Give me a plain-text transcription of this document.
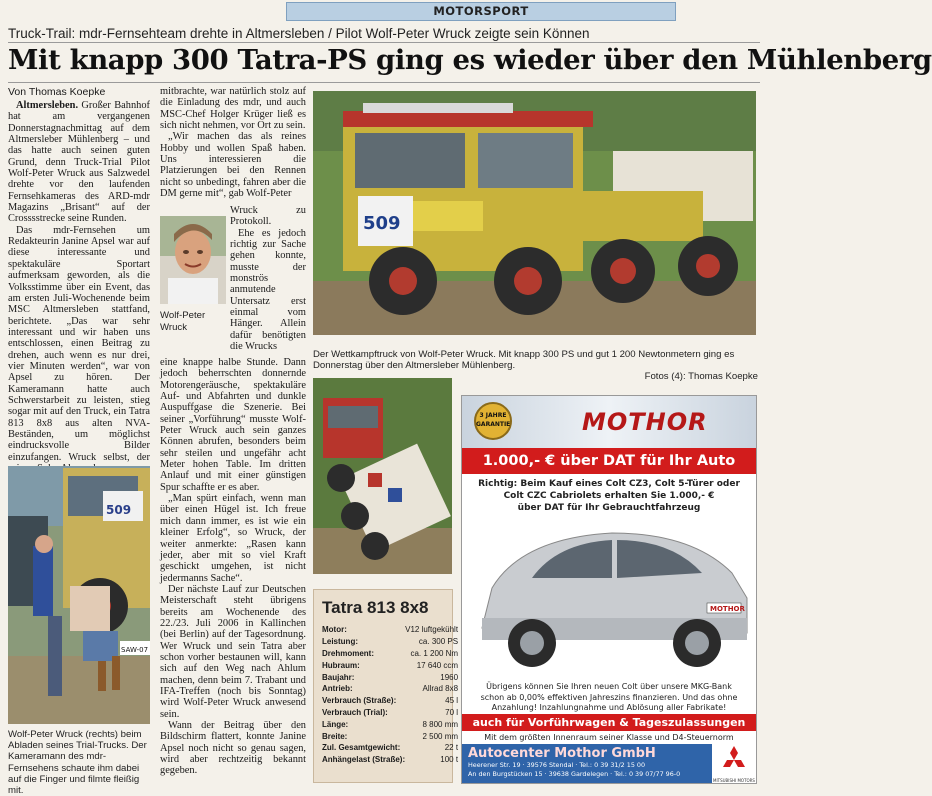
MOTORSPORT
Truck-Trail: mdr-Fernsehteam drehte in Altmersleben / Pilot Wolf-Peter Wruck zeigte sein Können
Mit knapp 300 Tatra-PS ging es wieder über den Mühlenberg
Von Thomas Koepke

Altmersleben. Großer Bahnhof hat am vergangenen Donnerstagnachmittag auf dem Altmersleber Mühlenberg – und das hatte auch seinen guten Grund, denn Truck-Trial Pilot Wolf-Peter Wruck aus Salzwedel drehte vor den laufenden Fernsehkameras des ARD-mdr Magazins „Brisant“ auf der Crosssstrecke seine Runden.

Das mdr-Fernsehen um Redakteurin Janine Apsel war auf diese interessante und spektakuläre Sportart aufmerksam geworden, als die Volksstimme über ein Event, das am ersten Juli-Wochenende beim MSC Altmersleben stattfand, berichtete. „Das war sehr interessant und wir haben uns entschlossen, einen Beitrag zu drehen, auch wenn es nur drei, vier Minuten werden“, war von Apsel zu hören. Der Kameramann hatte auch Schwerstarbeit zu leisten, stieg sogar mit auf den Truck, ein Tatra 813 8x8 aus alten NVA-Beständen, um möglichst eindrucksvolle Bilder einzufangen. Wruck selbst, der

509
SAW-07
Wolf-Peter Wruck (rechts) beim Abladen seines Trial-Trucks. Der Kameramann des mdr-Fernsehens schaute ihm dabei auf die Finger und filmte fleißig mit.

mitbrachte, war natürlich stolz auf die Einladung des mdr, und auch MSC-Chef Holger Krüger ließ es sich nicht nehmen, vor Ort zu sein.

„Wir machen das als reines Hobby und wollen Spaß haben. Uns interessieren die Platzierungen bei den Rennen nicht so unbedingt, fahren aber die DM gerne mit“, gab Wolf-Peter

Wolf-Peter
Wruck

Wruck zu Protokoll.

Ehe es jedoch richtig zur Sache gehen konnte, musste der monströs anmutende Untersatz erst einmal vom Hänger. Allein dafür benötigten die Wrucks

eine knappe halbe Stunde. Dann jedoch beherrschten donnernde Motorengeräusche, spektakuläre Auf- und Abfahrten und dunkle Auspuffgase die Szenerie. Bei seiner „Vorführung“ musste Wolf-Peter Wruck auch sein ganzes Können abrufen, besonders beim sehr steilen und ungefähr acht Meter hohen Table. Im dritten Anlauf und mit einer günstigen Spur schaffte er es aber.

„Man spürt einfach, wenn man über einen Hügel ist. Ich freue mich dann immer, es ist wie ein kleiner Erfolg“, so Wruck, der weiter anmerkte: „Rasen kann jeder, aber mit so viel Kraft geschickt umgehen, ist nicht jedermanns Sache“.

Der nächste Lauf zur Deutschen Meisterschaft steht übrigens bereits am Wochenende des 22./23. Juli 2006 in Kallinchen (bei Berlin) auf der Tagesordnung. Wer Wruck und sein Tatra aber schon vorher bestaunen will, kann sich auf den Weg nach Ahlum machen, denn beim 7. Trabant und IFA-Treffen (noch bis Sonntag) wird Wolf-Peter Wruck anwesend sein.

Wann der Beitrag über den Bildschirm flattert, konnte Janine Apsel noch nicht so genau sagen, wird aber rechtzeitig bekannt gegeben.

509
Der Wettkampftruck von Wolf-Peter Wruck. Mit knapp 300 PS und gut 1 200 Newtonmetern ging es Donnerstag über den Altmersleber Mühlenberg.
Fotos (4): Thomas Koepke
Tatra 813 8x8
Motor:	V12 luftgekühlt
Leistung:	ca. 300 PS
Drehmoment:	ca. 1 200 Nm
Hubraum:	17 640 ccm
Baujahr:	1960
Antrieb:	Allrad 8x8
Verbrauch (Straße):	45 l
Verbrauch (Trial):	70 l
Länge:	8 800 mm
Breite:	2 500 mm
Zul. Gesamtgewicht:	22 t
Anhängelast (Straße):	100 t
3 JAHRE GARANTIE	MOTHOR
1.000,- € über DAT für Ihr Auto
Richtig: Beim Kauf eines Colt CZ3, Colt 5-Türer oder
Colt CZC Cabriolets erhalten Sie 1.000,- €
über DAT für Ihr Gebrauchtfahrzeug
MOTHOR
Übrigens können Sie Ihren neuen Colt über unsere MKG-Bank
schon ab 0,00% effektiven Jahreszins finanzieren. Und das ohne
Anzahlung! Inzahlungnahme und Ablösung aller Fabrikate!
auch für Vorführwagen & Tageszulassungen
Mit dem größten Innenraum seiner Klasse und D4-Steuernorm
Autocenter Mothor GmbH
Heerener Str. 19 · 39576 Stendal · Tel.: 0 39 31/2 15 00
An den Burgstücken 15 · 39638 Gardelegen · Tel.: 0 39 07/77 96-0
MITSUBISHI MOTORS
